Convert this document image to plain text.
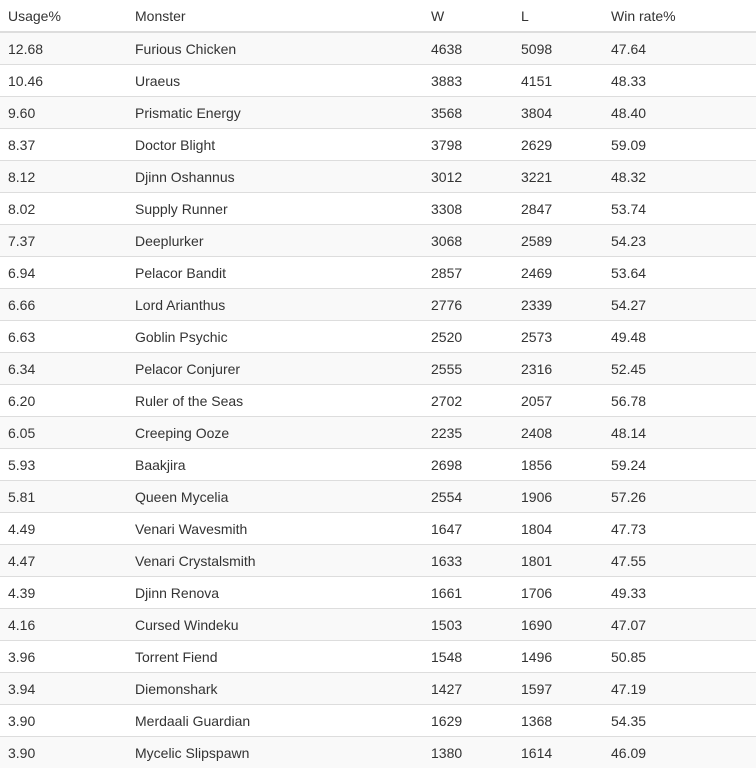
Usage%	Monster	W	L	Win rate%
12.68	Furious Chicken	4638	5098	47.64
10.46	Uraeus	3883	4151	48.33
9.60	Prismatic Energy	3568	3804	48.40
8.37	Doctor Blight	3798	2629	59.09
8.12	Djinn Oshannus	3012	3221	48.32
8.02	Supply Runner	3308	2847	53.74
7.37	Deeplurker	3068	2589	54.23
6.94	Pelacor Bandit	2857	2469	53.64
6.66	Lord Arianthus	2776	2339	54.27
6.63	Goblin Psychic	2520	2573	49.48
6.34	Pelacor Conjurer	2555	2316	52.45
6.20	Ruler of the Seas	2702	2057	56.78
6.05	Creeping Ooze	2235	2408	48.14
5.93	Baakjira	2698	1856	59.24
5.81	Queen Mycelia	2554	1906	57.26
4.49	Venari Wavesmith	1647	1804	47.73
4.47	Venari Crystalsmith	1633	1801	47.55
4.39	Djinn Renova	1661	1706	49.33
4.16	Cursed Windeku	1503	1690	47.07
3.96	Torrent Fiend	1548	1496	50.85
3.94	Diemonshark	1427	1597	47.19
3.90	Merdaali Guardian	1629	1368	54.35
3.90	Mycelic Slipspawn	1380	1614	46.09
